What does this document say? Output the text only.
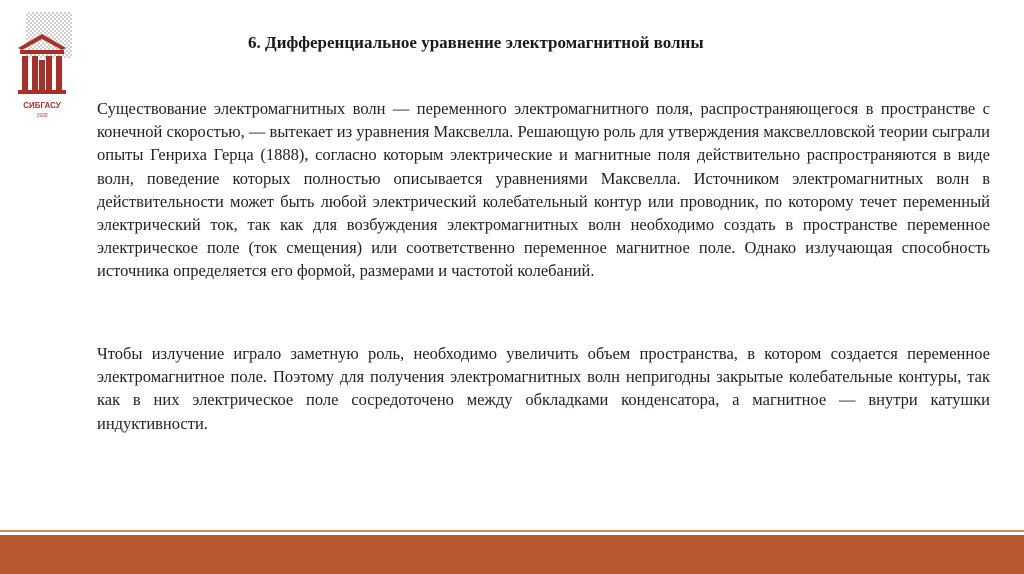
СИБГАСУ
1930
6. Дифференциальное уравнение электромагнитной волны

Существование электромагнитных волн — переменного электромагнитного поля, распространяющегося в пространстве с конечной скоростью, — вытекает из уравнения Максвелла. Решающую роль для утверждения максвелловской теории сыграли опыты Генриха Герца (1888), согласно которым электрические и магнитные поля действительно распространяются в виде волн, поведение которых полностью описывается уравнениями Максвелла. Источником электромагнитных волн в действительности может быть любой электрический колебательный контур или проводник, по которому течет переменный электрический ток, так как для возбуждения электромагнитных волн необходимо создать в пространстве переменное электрическое поле (ток смещения) или соответственно переменное магнитное поле. Однако излучающая способность источника определяется его формой, размерами и частотой колебаний.

Чтобы излучение играло заметную роль, необходимо увеличить объем пространства, в котором создается переменное электромагнитное поле. Поэтому для получения электромагнитных волн непригодны закрытые колебательные контуры, так как в них электрическое поле сосредоточено между обкладками конденсатора, а магнитное — внутри катушки индуктивности.
